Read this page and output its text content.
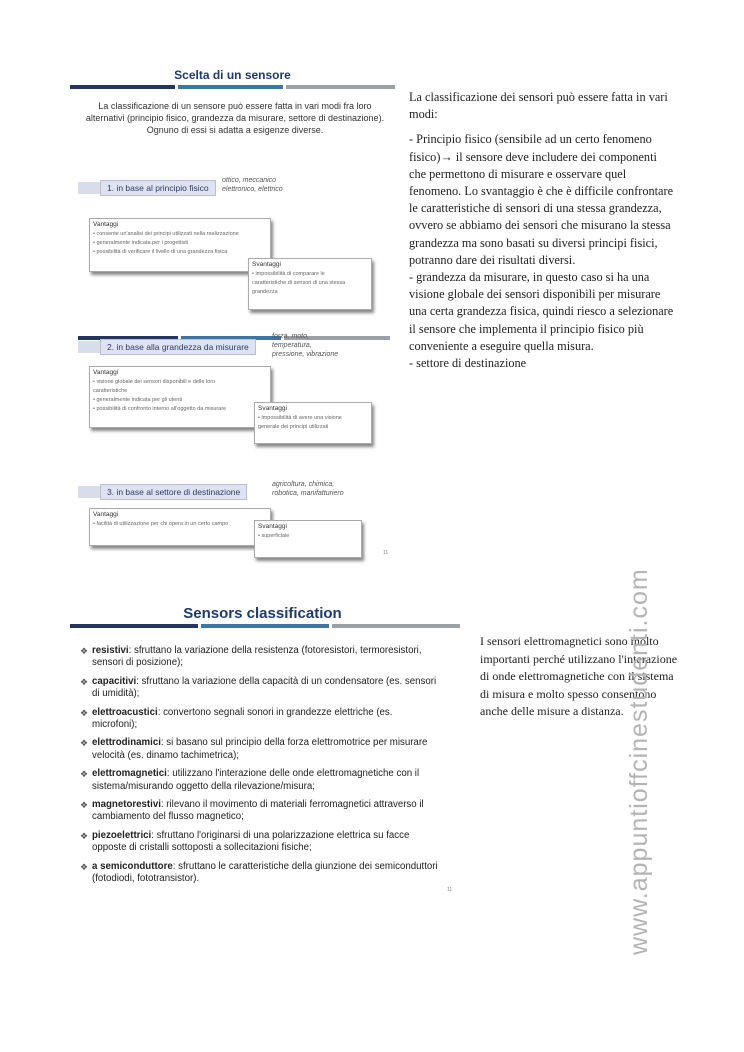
Scelta di un sensore
La classificazione di un sensore può essere fatta in vari modi fra loro
alternativi (principio fisico, grandezza da misurare, settore di destinazione).
Ognuno di essi si adatta a esigenze diverse.
1. in base al principio fisico
ottico, meccanico
elettronico, elettrico
Vantaggi
• consente un'analisi dei principi utilizzati nella realizzazione
• generalmente indicata per i progettisti
• possibilità di verificare il livello di una grandezza fisica
Svantaggi
• impossibilità di comparare le
caratteristiche di sensori di una stessa
grandezza
2. in base alla grandezza da misurare
forza, moto,
temperatura,
pressione, vibrazione
Vantaggi
• visione globale dei sensori disponibili e delle loro
caratteristiche
• generalmente indicata per gli utenti
• possibilità di confronto interno all'oggetto da misurare	Svantaggi
• impossibilità di avere una visione
generale dei principi utilizzati
3. in base al settore di destinazione
agricoltura, chimica,
robotica, manifatturiero
Vantaggi
• facilità di utilizzazione per chi opera in un certo campo	Svantaggi
• superficiale
11

La classificazione dei sensori può essere fatta in vari modi:

- Principio fisico (sensibile ad un certo fenomeno fisico)→ il sensore deve includere dei componenti che permettono di misurare e osservare quel fenomeno. Lo svantaggio è che è difficile confrontare le caratteristiche di sensori di una stessa grandezza, ovvero se abbiamo dei sensori che misurano la stessa grandezza ma sono basati su diversi principi fisici, potranno dare dei risultati diversi.

- grandezza da misurare, in questo caso si ha una visione globale dei sensori disponibili per misurare una certa grandezza fisica, quindi riesco a selezionare il sensore che implementa il principio fisico più conveniente a eseguire quella misura.

- settore di destinazione

Sensors classification
❖ resistivi: sfruttano la variazione della resistenza (fotoresistori, termoresistori, sensori di posizione);
❖ capacitivi: sfruttano la variazione della capacità di un condensatore (es. sensori di umidità);
❖ elettroacustici: convertono segnali sonori in grandezze elettriche (es. microfoni);
❖ elettrodinamici: si basano sul principio della forza elettromotrice per misurare velocità (es. dinamo tachimetrica);
❖ elettromagnetici: utilizzano l'interazione delle onde elettromagnetiche con il sistema/misurando oggetto della rilevazione/misura;
❖ magnetorestivi: rilevano il movimento di materiali ferromagnetici attraverso il cambiamento del flusso magnetico;
❖ piezoelettrici: sfruttano l'originarsi di una polarizzazione elettrica su facce opposte di cristalli sottoposti a sollecitazioni fisiche;
❖ a semiconduttore: sfruttano le caratteristiche della giunzione dei semiconduttori (fotodiodi, fototransistor).
11

I sensori elettromagnetici sono molto importanti perché utilizzano l'interazione di onde elettromagnetiche con il sistema di misura e molto spesso consentono anche delle misure a distanza. www.appuntioffcinestudenti.com
